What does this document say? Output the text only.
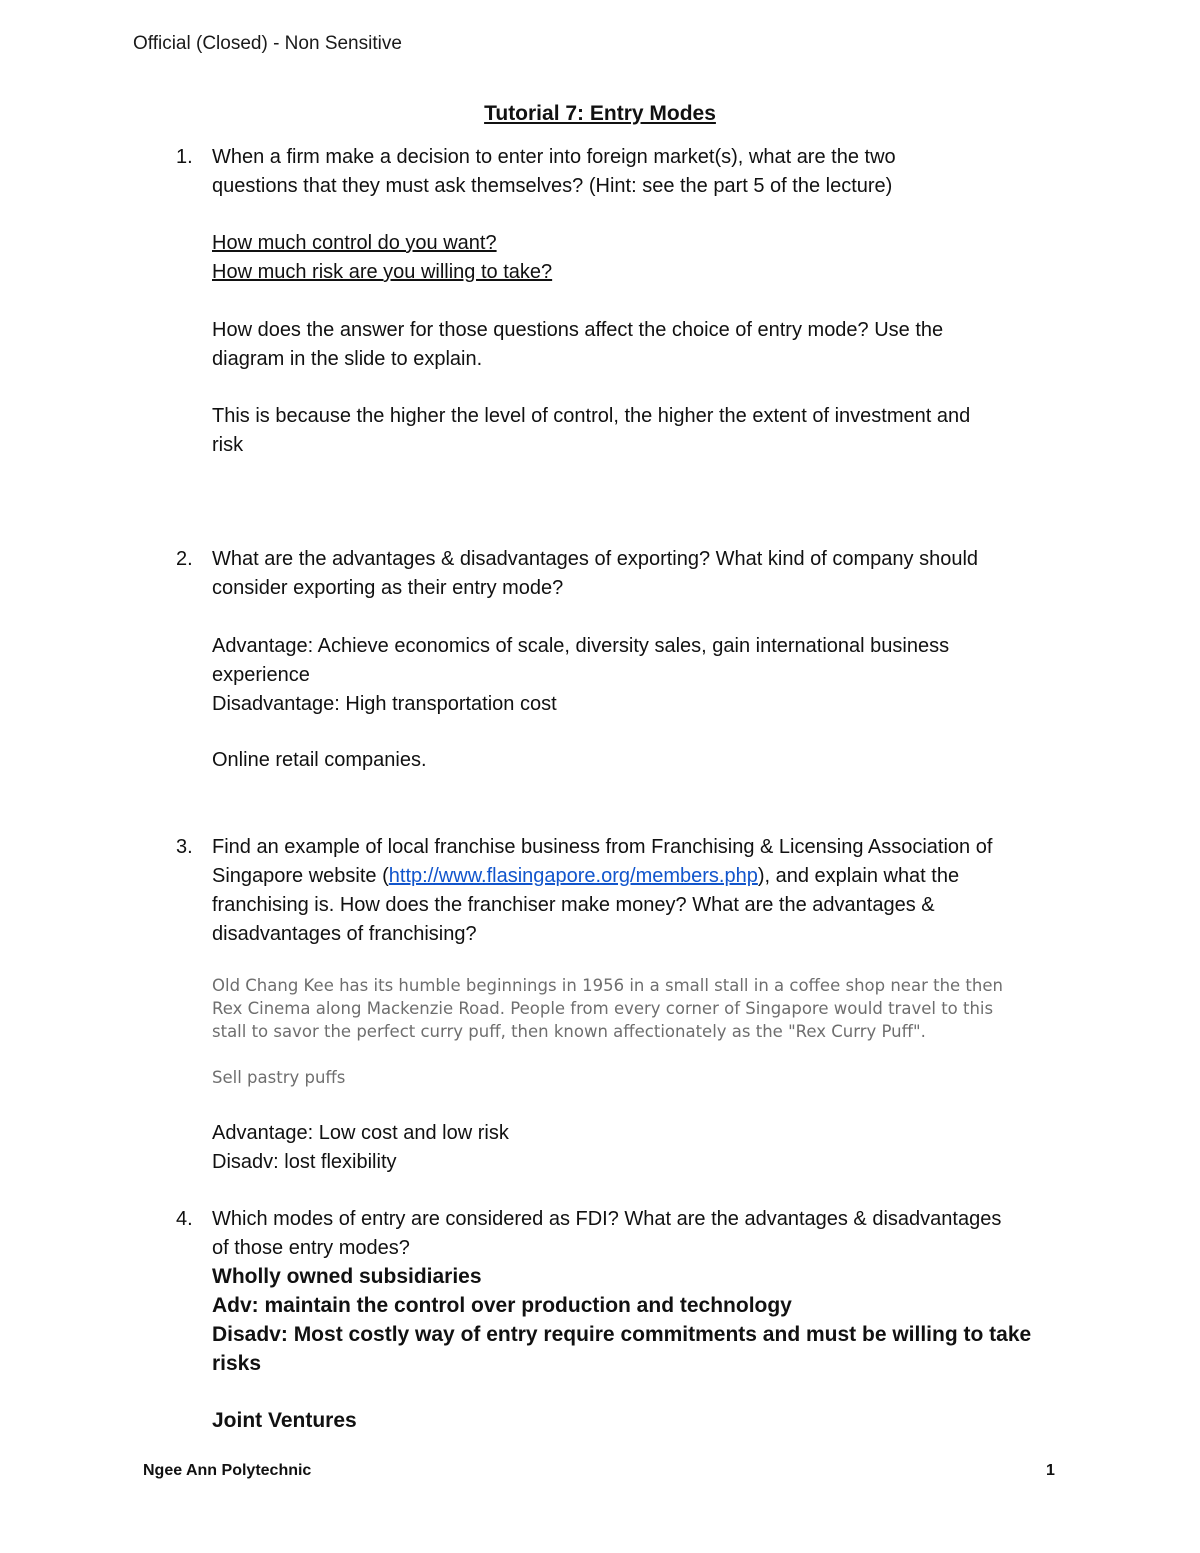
Official (Closed) - Non Sensitive
Tutorial 7: Entry Modes
1. When a firm make a decision to enter into foreign market(s), what are the two
questions that they must ask themselves? (Hint: see the part 5 of the lecture)
How much control do you want?
How much risk are you willing to take?
How does the answer for those questions affect the choice of entry mode? Use the
diagram in the slide to explain.
This is because the higher the level of control, the higher the extent of investment and
risk
2. What are the advantages & disadvantages of exporting? What kind of company should
consider exporting as their entry mode?
Advantage: Achieve economics of scale, diversity sales, gain international business
experience
Disadvantage: High transportation cost
Online retail companies.
3. Find an example of local franchise business from Franchising & Licensing Association of
Singapore website (http://www.flasingapore.org/members.php), and explain what the
franchising is. How does the franchiser make money? What are the advantages &
disadvantages of franchising?
Old Chang Kee has its humble beginnings in 1956 in a small stall in a coffee shop near the then
Rex Cinema along Mackenzie Road. People from every corner of Singapore would travel to this
stall to savor the perfect curry puff, then known affectionately as the "Rex Curry Puff".
Sell pastry puffs
Advantage: Low cost and low risk
Disadv: lost flexibility
4. Which modes of entry are considered as FDI? What are the advantages & disadvantages
of those entry modes?
Wholly owned subsidiaries
Adv: maintain the control over production and technology
Disadv: Most costly way of entry require commitments and must be willing to take
risks
Joint Ventures
Ngee Ann Polytechnic	1
